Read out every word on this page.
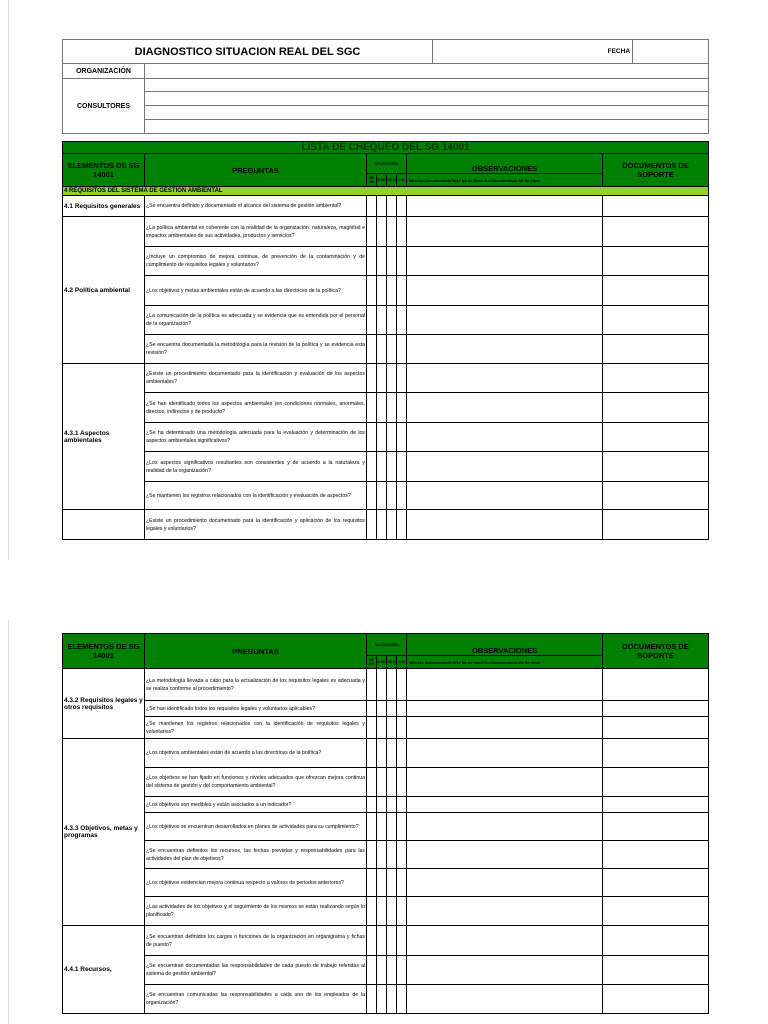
DIAGNOSTICO SITUACION REAL DEL SGC		FECHA	
ORGANIZACIÓN			
CONSULTORES			
LISTA DE CHEQUEO DEL SG 14001							
ELEMENTOS DE SG 14001	PREGUNTAS	VALORACIÓN				OBSERVACIONES	DOCUMENTOS DE SOPORTE
		ND NH	D NH	ND D	D H	ND= No Documentado NH= No se Hace D= Documentado H= Se Hace	
4 REQUISITOS DEL SISTEMA DE GESTION AMBIENTAL							
4.1 Requisitos generales	¿Se encuentra definido y documentado el alcance del sistema de gestión ambiental?						
4.2 Política ambiental	¿La política ambiental es coherente con la realidad de la organización: naturaleza, magnitud e impactos ambientales de sus actividades, productos y servicios?						
	¿Incluye un compromiso de mejora continua, de prevención de la contaminación y de cumplimiento de requisitos legales y voluntarios?						
	¿Los objetivos y metas ambientales están de acuerdo a las directrices de la política?						
	¿La comunicación de la política es adecuada y se evidencia que es entendida por el personal de la organización?						
	¿Se encuentra documentada la metodología para la revisión de la política y se evidencia esta revisión?						
4.3.1 Aspectos ambientales	¿Existe un procedimiento documentado para la identificación y evaluación de los aspectos ambientales?						
	¿Se han identificado todos los aspectos ambientales (en condiciones normales, anormales, directos, indirectos y de producto?						
	¿Se ha determinado una metodología adecuada para la evaluación y determinación de los aspectos ambientales significativos?						
	¿Los aspectos significativos resultantes son consistentes y de acuerdo a la naturaleza y realidad de la organización?						
	¿Se mantienen los registros relacionados con la identificación y evaluación de aspectos?						
	¿Existe un procedimiento documentado para la identificación y aplicación de los requisitos legales y voluntarios?						
ELEMENTOS DE SG 14001	PREGUNTAS	VALORACIÓN				OBSERVACIONES	DOCUMENTOS DE SOPORTE
		ND NH	D NH	ND D	D H	ND= No Documentado NH= No se Hace D= Documentado H= Se Hace	
4.3.2 Requisitos legales y otros requisitos	¿La metodología llevada a cabo para la actualización de los requisitos legales es adecuada y se realiza conforme al procedimiento?						
	¿Se han identificado todos los requisitos legales y voluntarios aplicables?						
	¿Se mantienen los registros relacionados con la identificación de requisitos legales y voluntarios?						
4.3.3 Objetivos, metas y programas	¿Los objetivos ambientales están de acuerdo a las directrices de la política?						
	¿Los objetivos se han fijado en funciones y niveles adecuados que ofrezcan mejora continua del sistema de gestión y del comportamiento ambiental?						
	¿Los objetivos son medibles y están asociados a un indicador?						
	¿Los objetivos se encuentran desarrollados en planes de actividades para su cumplimiento?						
	¿Se encuentran definidos los recursos, las fechas previstas y responsabilidades para las actividades del plan de objetivos?						
	¿Los objetivos evidencian mejora continua respecto a valores de periodos anteriores?						
	¿Las actividades de los objetivos y el seguimiento de los mismos se están realizando según lo planificado?						
4.4.1 Recursos,	¿Se encuentran definidos los cargos o funciones de la organización en organigrama y fichas de puesto?						
	¿Se encuentran documentadas las responsabilidades de cada puesto de trabajo referidas al sistema de gestión ambiental?						
	¿Se encuentran comunicadas las responsabilidades a cada uno de los empleados de la organización?						
